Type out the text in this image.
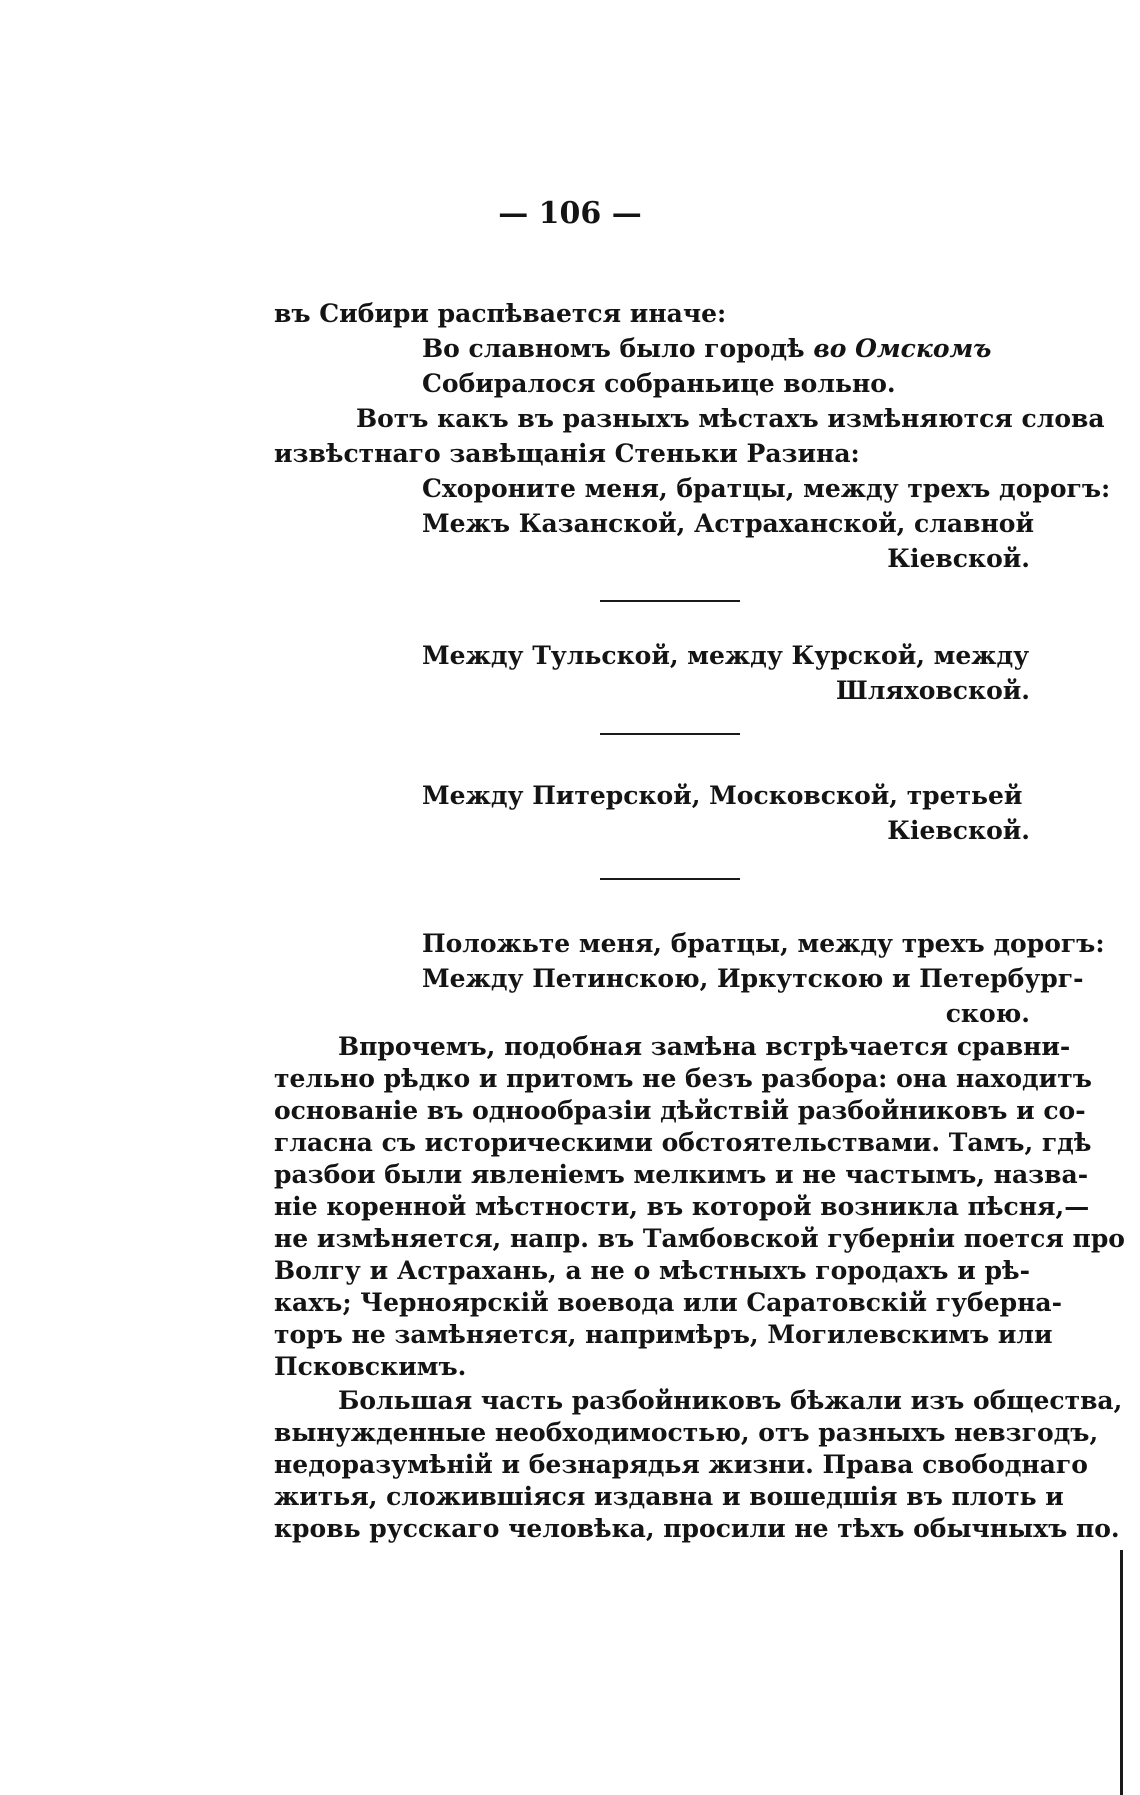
— 106 —
въ Сибири распѣвается иначе:
Во славномъ было городѣ во Омскомъ
Собиралося собраньице вольно.
Вотъ какъ въ разныхъ мѣстахъ измѣняются слова
извѣстнаго завѣщанія Стеньки Разина:
Схороните меня, братцы, между трехъ дорогъ:
Межъ Казанской, Астраханской, славной
Кіевской.
Между Тульской, между Курской, между
Шляховской.
Между Питерской, Московской, третьей
Кіевской.
Положьте меня, братцы, между трехъ дорогъ:
Между Петинскою, Иркутскою и Петербург-
скою.
Впрочемъ, подобная замѣна встрѣчается сравни-
тельно рѣдко и притомъ не безъ разбора: она находитъ
основаніе въ однообразіи дѣйствій разбойниковъ и со-
гласна съ историческими обстоятельствами. Тамъ, гдѣ
разбои были явленіемъ мелкимъ и не частымъ, назва-
ніе коренной мѣстности, въ которой возникла пѣсня,—
не измѣняется, напр. въ Тамбовской губерніи поется про
Волгу и Астрахань, а не о мѣстныхъ городахъ и рѣ-
кахъ; Черноярскій воевода или Саратовскій губерна-
торъ не замѣняется, напримѣръ, Могилевскимъ или
Псковскимъ.
Большая часть разбойниковъ бѣжали изъ общества,
вынужденные необходимостью, отъ разныхъ невзгодъ,
недоразумѣній и безнарядья жизни. Права свободнаго
житья, сложившіяся издавна и вошедшія въ плоть и
кровь русскаго человѣка, просили не тѣхъ обычныхъ по.
